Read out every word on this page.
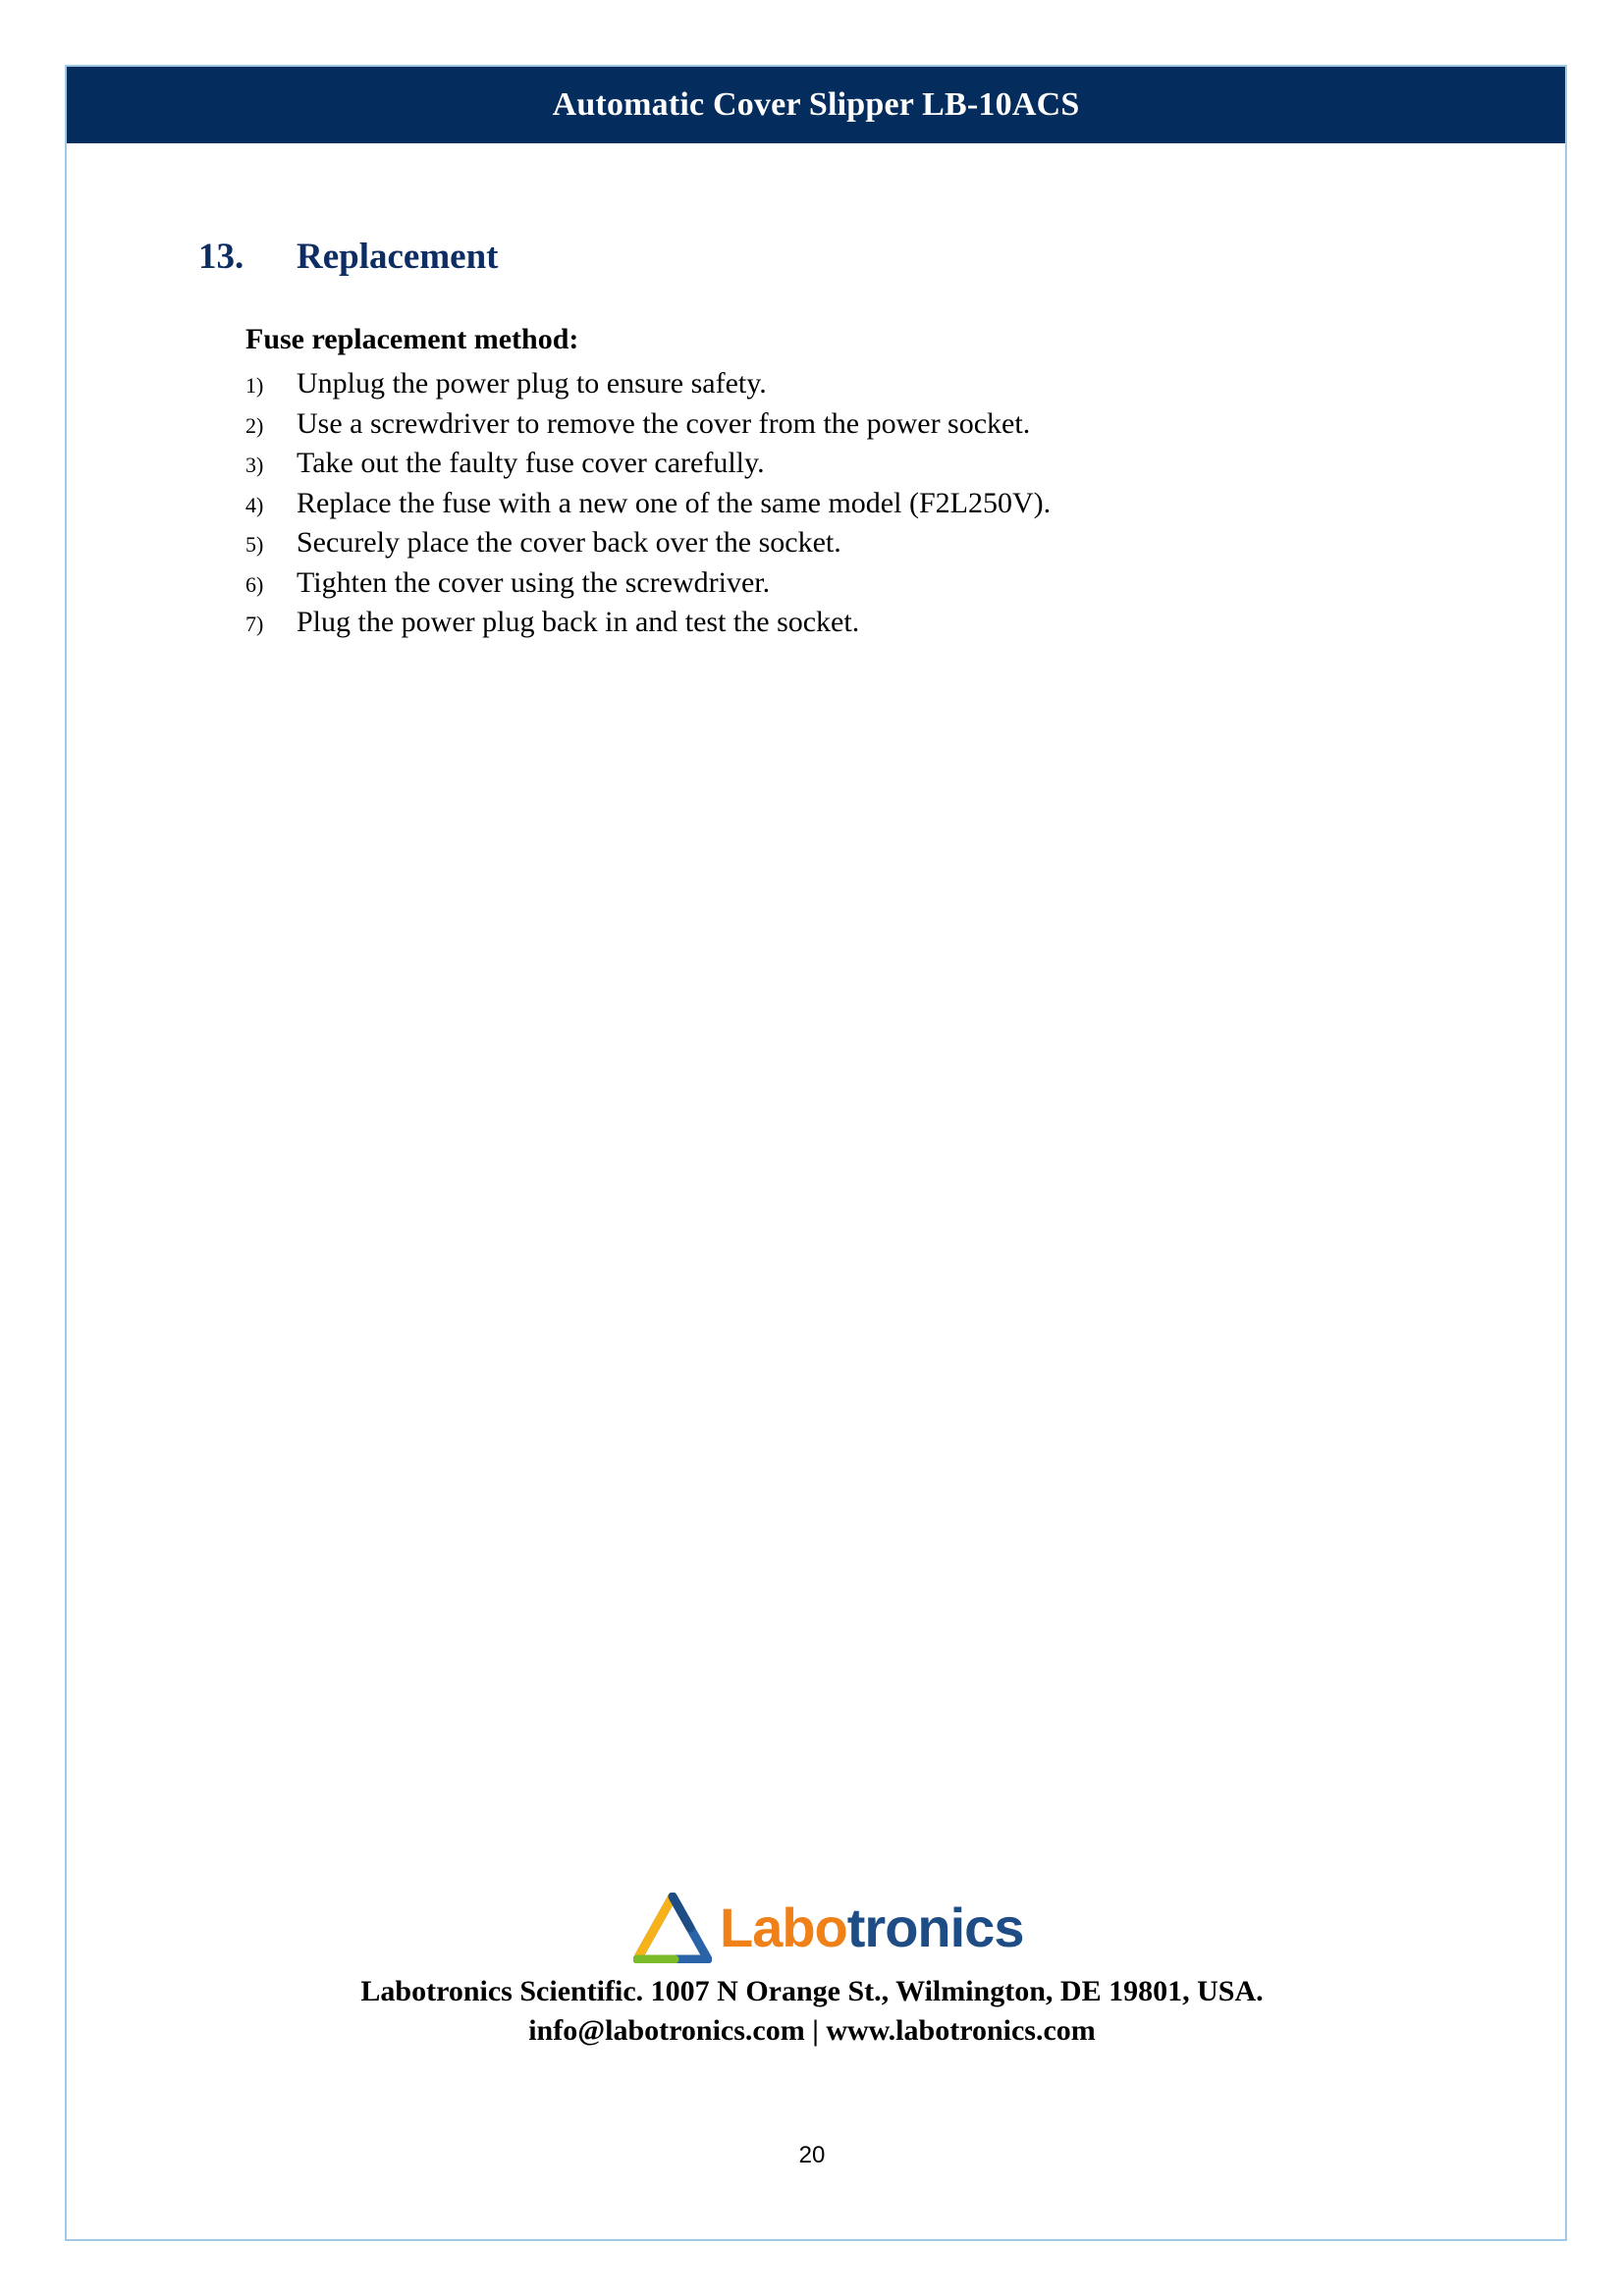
Automatic Cover Slipper LB-10ACS
13.	Replacement
Fuse replacement method:
1)	Unplug the power plug to ensure safety.
2)	Use a screwdriver to remove the cover from the power socket.
3)	Take out the faulty fuse cover carefully.
4)	Replace the fuse with a new one of the same model (F2L250V).
5)	Securely place the cover back over the socket.
6)	Tighten the cover using the screwdriver.
7)	Plug the power plug back in and test the socket.
Labotronics
Labotronics Scientific. 1007 N Orange St., Wilmington, DE 19801, USA.
info@labotronics.com | www.labotronics.com
20
